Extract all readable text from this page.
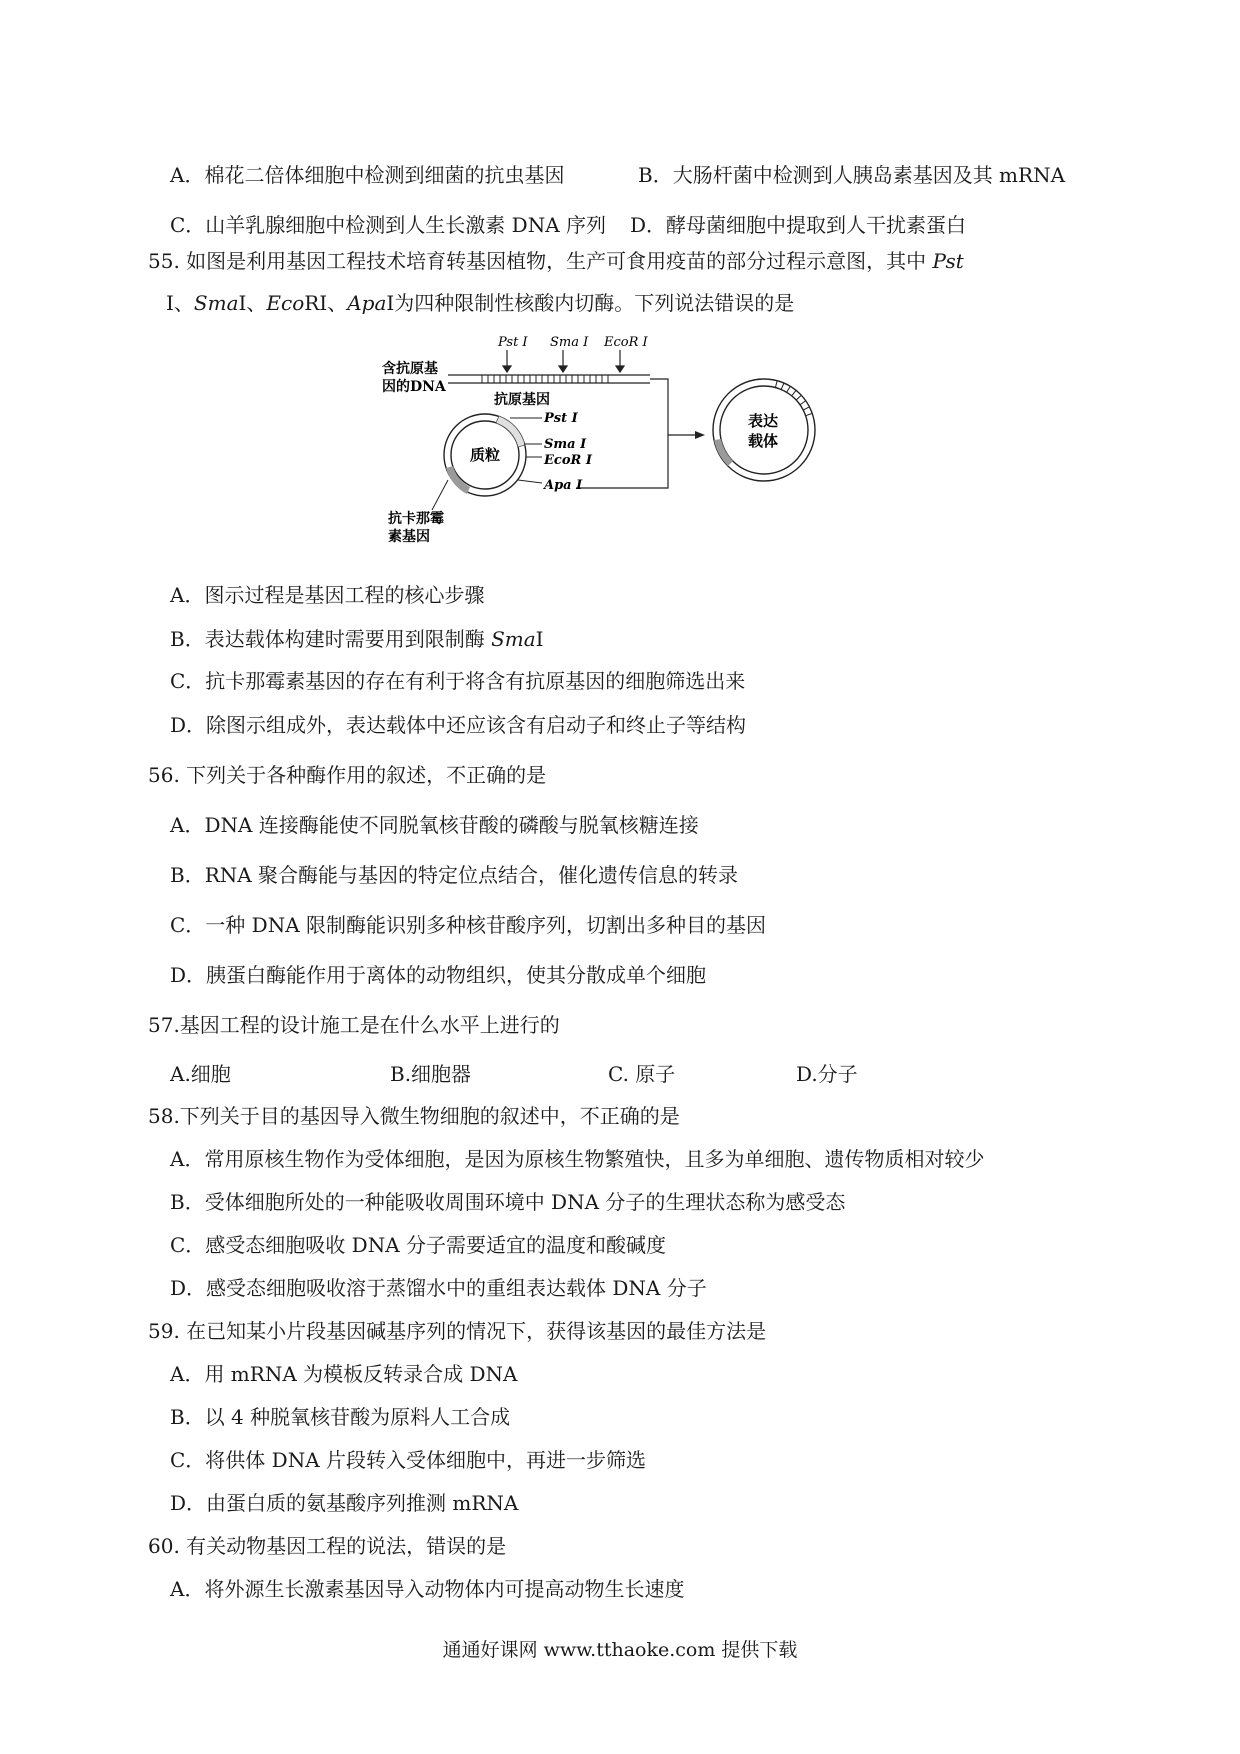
A．棉花二倍体细胞中检测到细菌的抗虫基因	B．大肠杆菌中检测到人胰岛素基因及其 mRNA
C．山羊乳腺细胞中检测到人生长激素 DNA 序列 D．酵母菌细胞中提取到人干扰素蛋白
55. 如图是利用基因工程技术培育转基因植物，生产可食用疫苗的部分过程示意图，其中 Pst
Ⅰ、SmaⅠ、EcoRⅠ、ApaⅠ为四种限制性核酸内切酶。下列说法错误的是
Pst Ⅰ Sma Ⅰ EcoR Ⅰ
含抗原基
因的DNA
抗原基因
质粒
Pst Ⅰ
Sma Ⅰ
EcoR Ⅰ
Apa Ⅰ
抗卡那霉
素基因
表达
载体
A．图示过程是基因工程的核心步骤
B．表达载体构建时需要用到限制酶 SmaⅠ
C．抗卡那霉素基因的存在有利于将含有抗原基因的细胞筛选出来
D．除图示组成外，表达载体中还应该含有启动子和终止子等结构
56. 下列关于各种酶作用的叙述，不正确的是
A．DNA 连接酶能使不同脱氧核苷酸的磷酸与脱氧核糖连接
B．RNA 聚合酶能与基因的特定位点结合，催化遗传信息的转录
C．一种 DNA 限制酶能识别多种核苷酸序列，切割出多种目的基因
D．胰蛋白酶能作用于离体的动物组织，使其分散成单个细胞
57.基因工程的设计施工是在什么水平上进行的
A.细胞	B.细胞器	C. 原子	D.分子
58.下列关于目的基因导入微生物细胞的叙述中，不正确的是
A．常用原核生物作为受体细胞，是因为原核生物繁殖快，且多为单细胞、遗传物质相对较少
B．受体细胞所处的一种能吸收周围环境中 DNA 分子的生理状态称为感受态
C．感受态细胞吸收 DNA 分子需要适宜的温度和酸碱度
D．感受态细胞吸收溶于蒸馏水中的重组表达载体 DNA 分子
59. 在已知某小片段基因碱基序列的情况下，获得该基因的最佳方法是
A．用 mRNA 为模板反转录合成 DNA
B．以 4 种脱氧核苷酸为原料人工合成
C．将供体 DNA 片段转入受体细胞中，再进一步筛选
D．由蛋白质的氨基酸序列推测 mRNA
60. 有关动物基因工程的说法，错误的是
A．将外源生长激素基因导入动物体内可提高动物生长速度
通通好课网 www.tthaoke.com 提供下载
